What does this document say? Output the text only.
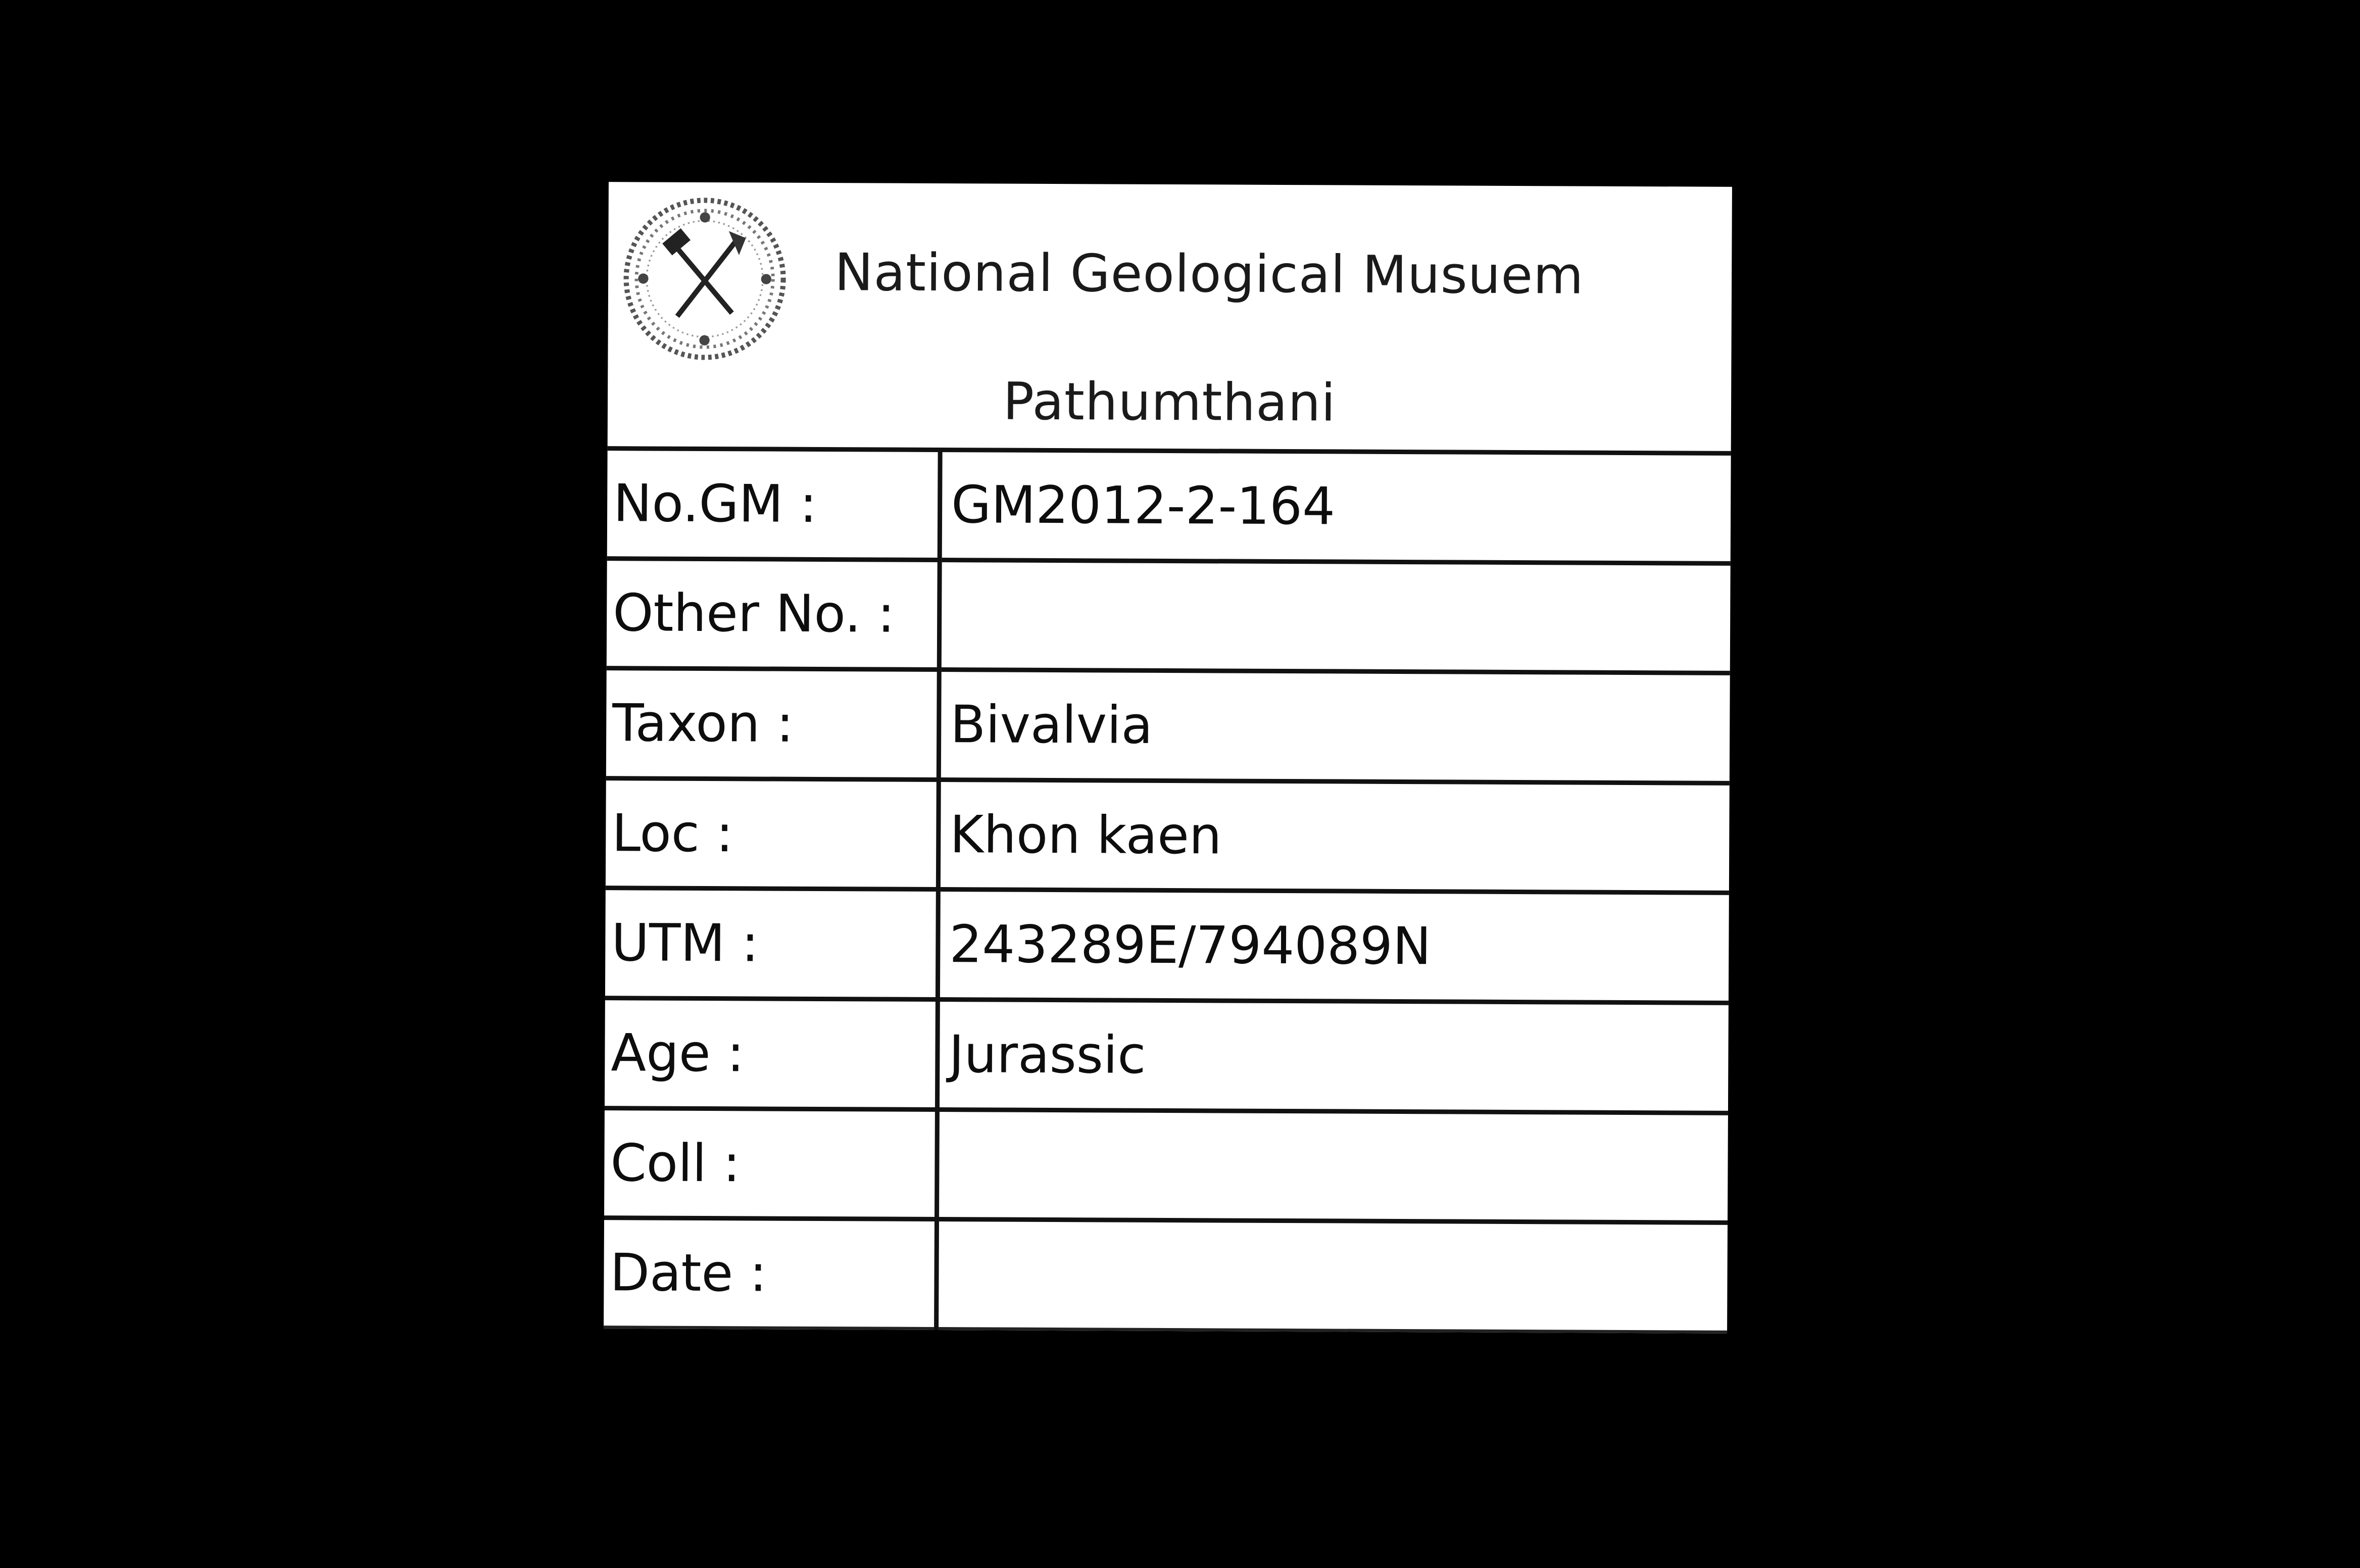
National Geological Musuem
Pathumthani
No.GM :	GM2012-2-164
Other No. :	
Taxon :	Bivalvia
Loc :	Khon kaen
UTM :	243289E/794089N
Age :	Jurassic
Coll :	
Date :	
